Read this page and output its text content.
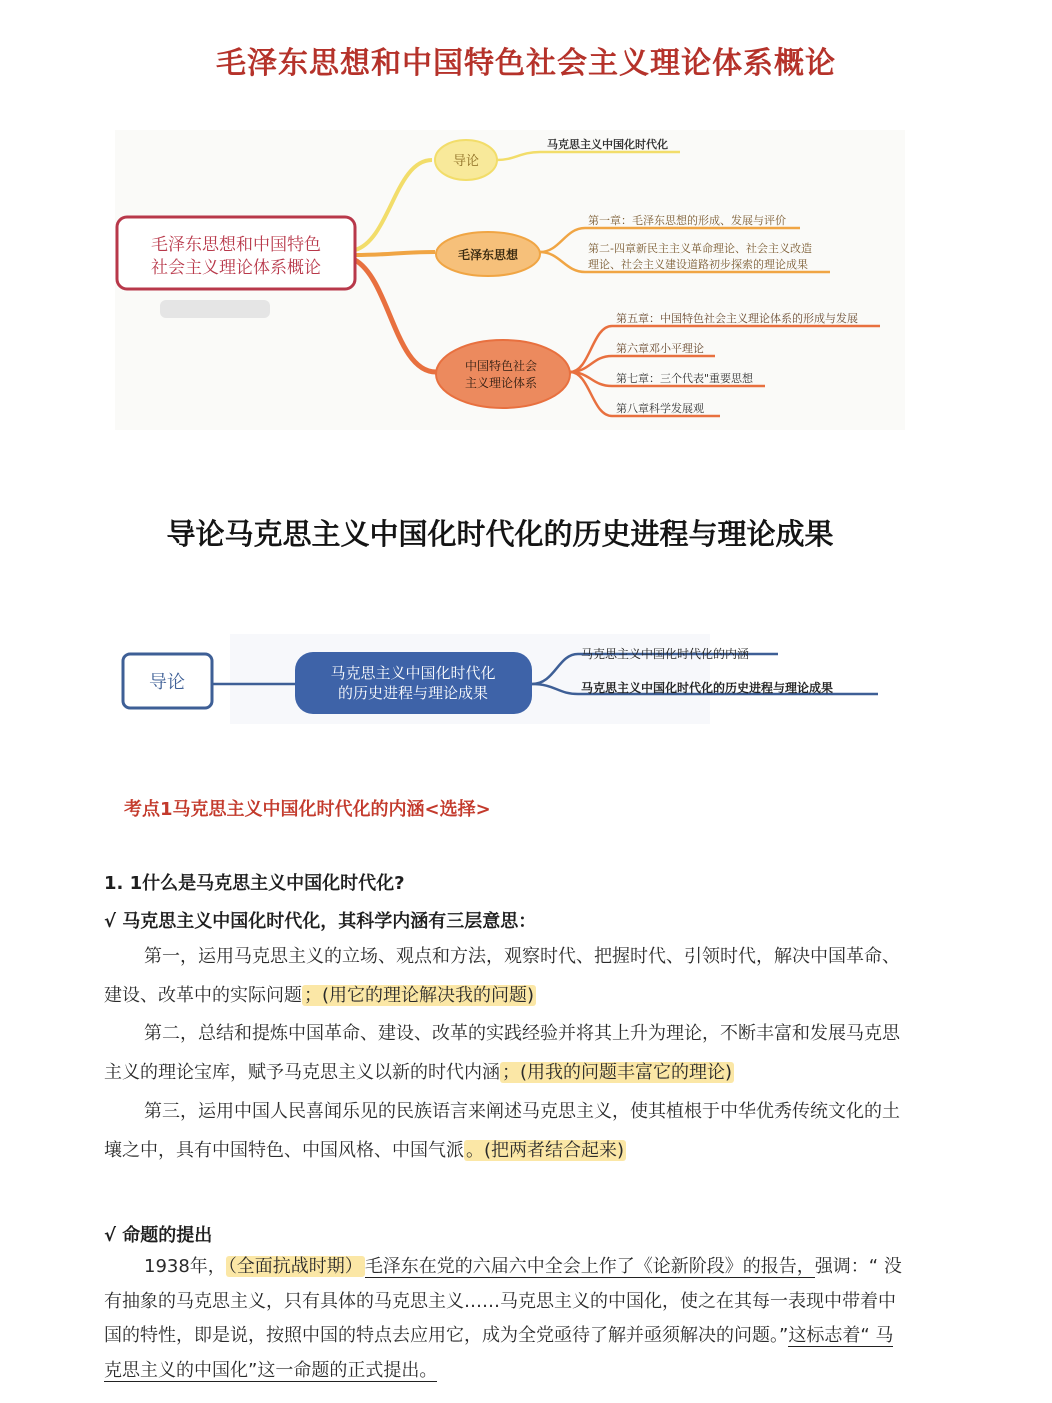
毛泽东思想和中国特色社会主义理论体系概论
毛泽东思想和中国特色
社会主义理论体系概论
导论
马克思主义中国化时代化
毛泽东思想
第一章：毛泽东思想的形成、发展与评价
第二-四章新民主主义革命理论、社会主义改造
理论、社会主义建设道路初步探索的理论成果
中国特色社会
主义理论体系
第五章：中国特色社会主义理论体系的形成与发展
第六章邓小平理论
第七章：三个代表"重要思想
第八章科学发展观
导论马克思主义中国化时代化的历史进程与理论成果
导论	马克思主义中国化时代化
的历史进程与理论成果
马克思主义中国化时代化的内涵
马克思主义中国化时代化的历史进程与理论成果
考点1马克思主义中国化时代化的内涵<选择>
1. 1什么是马克思主义中国化时代化?
√ 马克思主义中国化时代化，其科学内涵有三层意思：

第一，运用马克思主义的立场、观点和方法，观察时代、把握时代、引领时代，解决中国革命、建设、改革中的实际问题 ；(用它的理论解决我的问题)

第二，总结和提炼中国革命、建设、改革的实践经验并将其上升为理论，不断丰富和发展马克思主义的理论宝库，赋予马克思主义以新的时代内涵 ；(用我的问题丰富它的理论)

第三，运用中国人民喜闻乐见的民族语言来阐述马克思主义，使其植根于中华优秀传统文化的土壤之中，具有中国特色、中国风格、中国气派 。(把两者结合起来)

√ 命题的提出

1938年， （全面抗战时期） 毛泽东在党的六届六中全会上作了《论新阶段》的报告，强调：“ 没有抽象的马克思主义，只有具体的马克思主义……马克思主义的中国化，使之在其每一表现中带着中国的特性，即是说，按照中国的特点去应用它，成为全党亟待了解并亟须解决的问题。”这标志着“ 马克思主义的中国化”这一命题的正式提出。
